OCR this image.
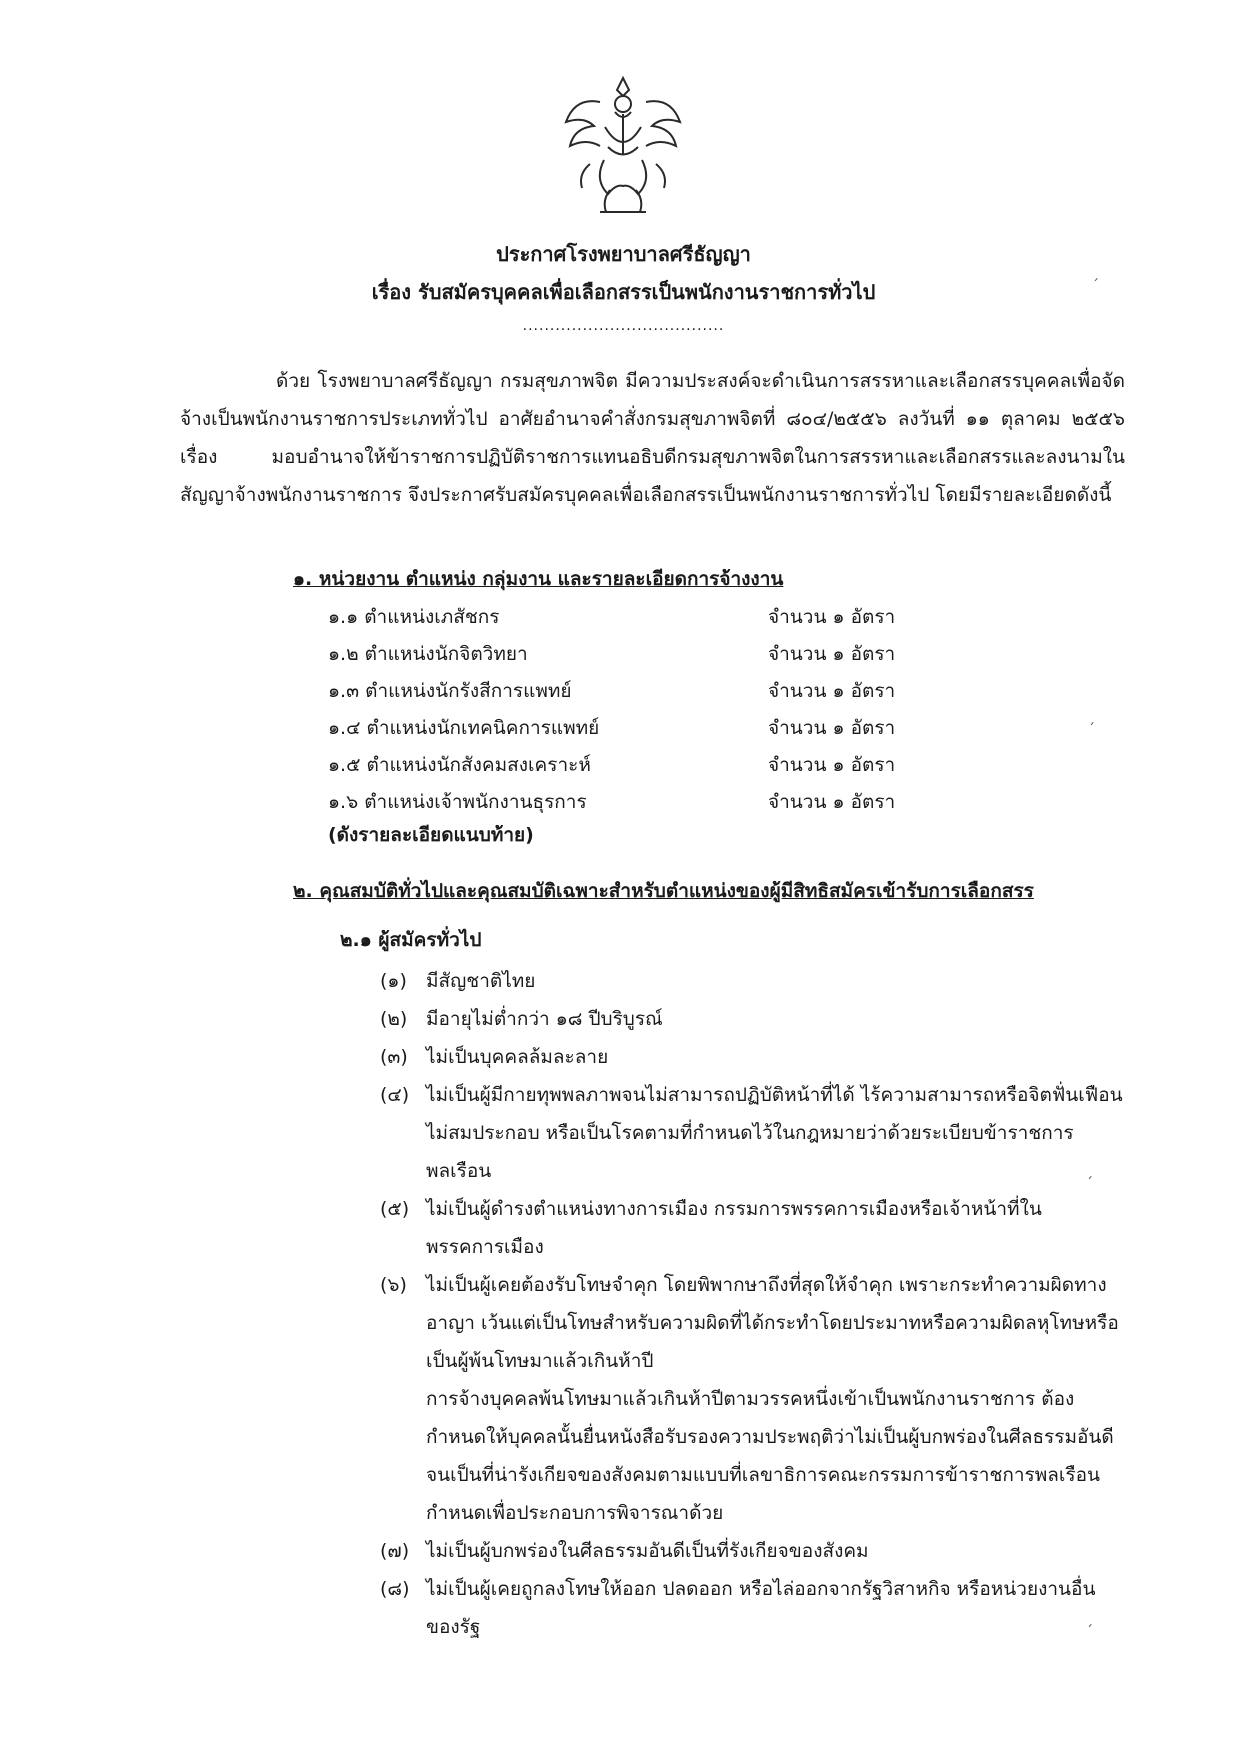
ประกาศโรงพยาบาลศรีธัญญา
เรื่อง รับสมัครบุคคลเพื่อเลือกสรรเป็นพนักงานราชการทั่วไป
.....................................
ด้วย โรงพยาบาลศรีธัญญา กรมสุขภาพจิต มีความประสงค์จะดำเนินการสรรหาและเลือกสรรบุคคลเพื่อจัดจ้างเป็นพนักงานราชการประเภททั่วไป อาศัยอำนาจคำสั่งกรมสุขภาพจิตที่ ๘๐๔/๒๕๕๖ ลงวันที่ ๑๑ ตุลาคม ๒๕๕๖ เรื่อง มอบอำนาจให้ข้าราชการปฏิบัติราชการแทนอธิบดีกรมสุขภาพจิตในการสรรหาและเลือกสรรและลงนามในสัญญาจ้างพนักงานราชการ จึงประกาศรับสมัครบุคคลเพื่อเลือกสรรเป็นพนักงานราชการทั่วไป โดยมีรายละเอียดดังนี้
๑. หน่วยงาน ตำแหน่ง กลุ่มงาน และรายละเอียดการจ้างงาน
๑.๑ ตำแหน่งเภสัชกร	จำนวน ๑ อัตรา
๑.๒ ตำแหน่งนักจิตวิทยา	จำนวน ๑ อัตรา
๑.๓ ตำแหน่งนักรังสีการแพทย์	จำนวน ๑ อัตรา
๑.๔ ตำแหน่งนักเทคนิคการแพทย์	จำนวน ๑ อัตรา
๑.๕ ตำแหน่งนักสังคมสงเคราะห์	จำนวน ๑ อัตรา
๑.๖ ตำแหน่งเจ้าพนักงานธุรการ	จำนวน ๑ อัตรา
(ดังรายละเอียดแนบท้าย)
๒. คุณสมบัติทั่วไปและคุณสมบัติเฉพาะสำหรับตำแหน่งของผู้มีสิทธิสมัครเข้ารับการเลือกสรร
๒.๑ ผู้สมัครทั่วไป
(๑) มีสัญชาติไทย
(๒) มีอายุไม่ต่ำกว่า ๑๘ ปีบริบูรณ์
(๓) ไม่เป็นบุคคลล้มละลาย
(๔) ไม่เป็นผู้มีกายทุพพลภาพจนไม่สามารถปฏิบัติหน้าที่ได้ ไร้ความสามารถหรือจิตฟั่นเฟือน ไม่สมประกอบ หรือเป็นโรคตามที่กำหนดไว้ในกฎหมายว่าด้วยระเบียบข้าราชการพลเรือน
(๕) ไม่เป็นผู้ดำรงตำแหน่งทางการเมือง กรรมการพรรคการเมืองหรือเจ้าหน้าที่ในพรรคการเมือง
(๖) ไม่เป็นผู้เคยต้องรับโทษจำคุก โดยพิพากษาถึงที่สุดให้จำคุก เพราะกระทำความผิดทางอาญา เว้นแต่เป็นโทษสำหรับความผิดที่ได้กระทำโดยประมาทหรือความผิดลหุโทษหรือเป็นผู้พ้นโทษมาแล้วเกินห้าปี
การจ้างบุคคลพ้นโทษมาแล้วเกินห้าปีตามวรรคหนึ่งเข้าเป็นพนักงานราชการ ต้องกำหนดให้บุคคลนั้นยื่นหนังสือรับรองความประพฤติว่าไม่เป็นผู้บกพร่องในศีลธรรมอันดีจนเป็นที่น่ารังเกียจของสังคมตามแบบที่เลขาธิการคณะกรรมการข้าราชการพลเรือนกำหนดเพื่อประกอบการพิจารณาด้วย
(๗) ไม่เป็นผู้บกพร่องในศีลธรรมอันดีเป็นที่รังเกียจของสังคม
(๘) ไม่เป็นผู้เคยถูกลงโทษให้ออก ปลดออก หรือไล่ออกจากรัฐวิสาหกิจ หรือหน่วยงานอื่นของรัฐ
´
´
´
´
